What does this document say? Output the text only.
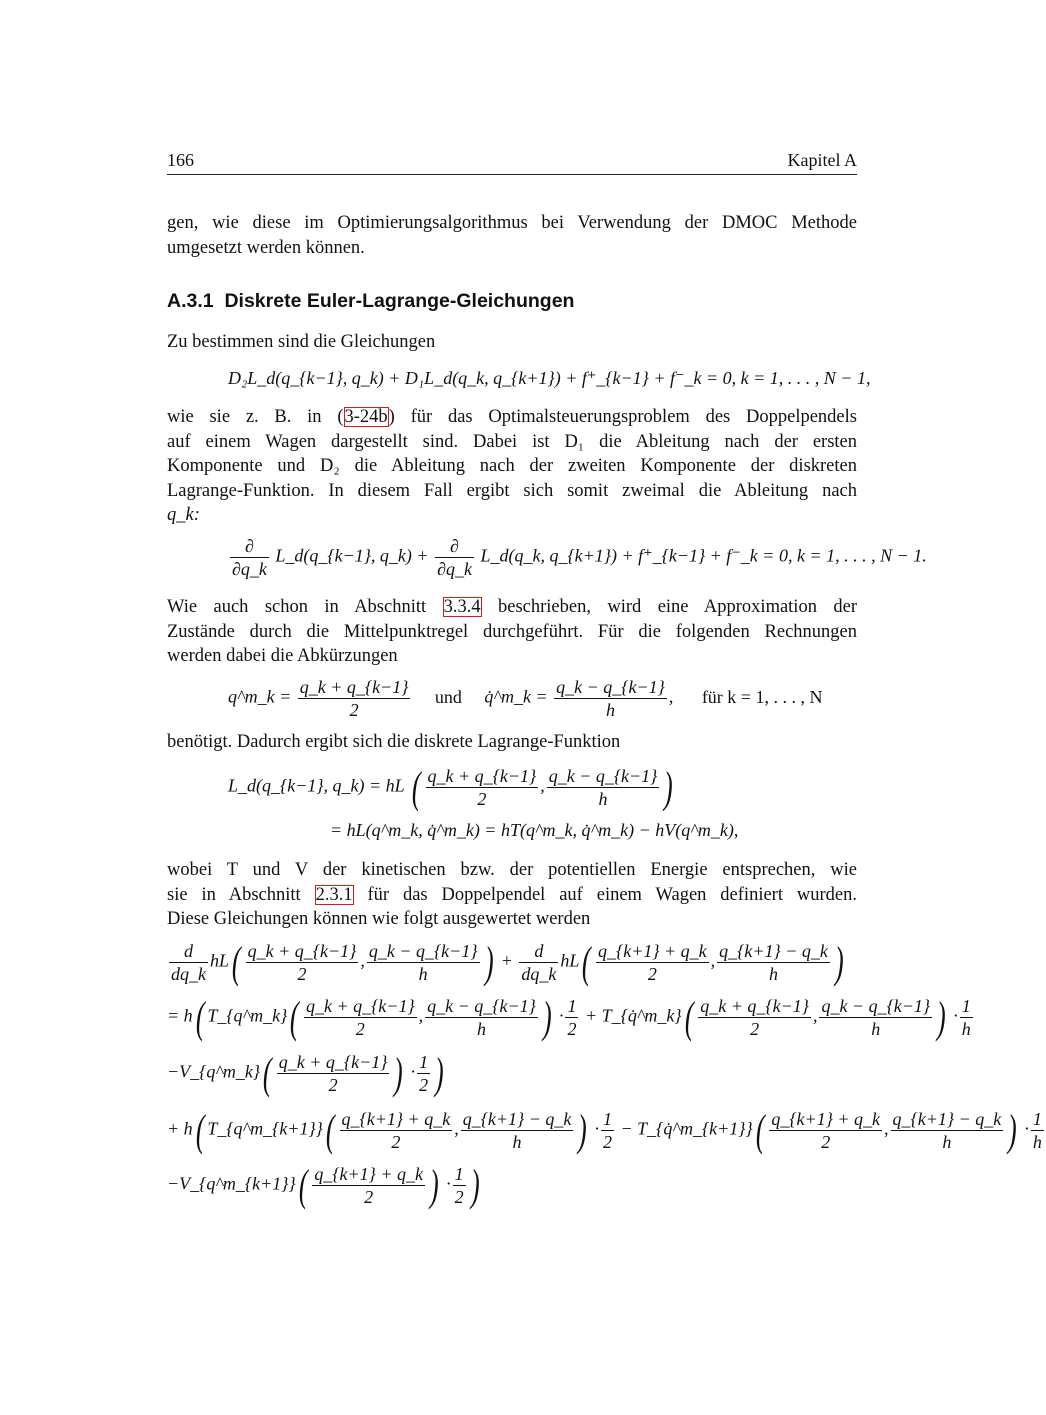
166	Kapitel A
gen, wie diese im Optimierungsalgorithmus bei Verwendung der DMOC Methode
umgesetzt werden können.
A.3.1 Diskrete Euler-Lagrange-Gleichungen
Zu bestimmen sind die Gleichungen
D₂L_d(q_{k−1}, q_k) + D₁L_d(q_k, q_{k+1}) + f⁺_{k−1} + f⁻_k = 0, k = 1, . . . , N − 1,
wie sie z. B. in (3-24b) für das Optimalsteuerungsproblem des Doppelpendels
auf einem Wagen dargestellt sind. Dabei ist D₁ die Ableitung nach der ersten
Komponente und D₂ die Ableitung nach der zweiten Komponente der diskreten
Lagrange-Funktion. In diesem Fall ergibt sich somit zweimal die Ableitung nach
q_k:
$\frac{\partial}{\partial q\_k}$ L_d(q_{k−1}, q_k) + $\frac{\partial}{\partial q\_k}$ L_d(q_k, q_{k+1}) + f⁺_{k−1} + f⁻_k = 0, k = 1, . . . , N − 1.
Wie auch schon in Abschnitt 3.3.4 beschrieben, wird eine Approximation der
Zustände durch die Mittelpunktregel durchgeführt. Für die folgenden Rechnungen
werden dabei die Abkürzungen
q^m_k = $\frac{q\_k + q\_\{k-1\}}{2}$ und q̇^m_k = $\frac{q\_k - q\_\{k-1\}}{h}$ , für k = 1, . . . , N
benötigt. Dadurch ergibt sich die diskrete Lagrange-Funktion
L_d(q_{k−1}, q_k) = hL ( $\frac{q\_k + q\_\{k-1\}}{2}$ , $\frac{q\_k - q\_\{k-1\}}{h}$ )
= hL(q^m_k, q̇^m_k) = hT(q^m_k, q̇^m_k) − hV(q^m_k),
wobei T und V der kinetischen bzw. der potentiellen Energie entsprechen, wie
sie in Abschnitt 2.3.1 für das Doppelpendel auf einem Wagen definiert wurden.
Diese Gleichungen können wie folgt ausgewertet werden
$\frac{d}{dq\_k} hL( \frac{q\_k + q\_\{k-1\}}{2}$ , $\frac{q\_k - q\_\{k-1\}}{h}$ ) + $\frac{d}{dq\_k} hL( \frac{q\_\{k+1\} + q\_k}{2}$ , $\frac{q\_\{k+1\} - q\_k}{h}$ )
= h( T_{q^m_k}( $\frac{q\_k + q\_\{k-1\}}{2}$ , $\frac{q\_k - q\_\{k-1\}}{h}$ ) · $\frac{1}{2}$ + T_{q̇^m_k}( $\frac{q\_k + q\_\{k-1\}}{2}$ , $\frac{q\_k - q\_\{k-1\}}{h}$ ) · $\frac{1}{h}$
−V_{q^m_k}( $\frac{q\_k + q\_\{k-1\}}{2}$ ) · $\frac{1}{2}$ )
+ h( T_{q^m_{k+1}}( $\frac{q\_\{k+1\} + q\_k}{2}$ , $\frac{q\_\{k+1\} - q\_k}{h}$ ) · $\frac{1}{2}$ − T_{q̇^m_{k+1}}( $\frac{q\_\{k+1\} + q\_k}{2}$ , $\frac{q\_\{k+1\} - q\_k}{h}$ ) · $\frac{1}{h}$
−V_{q^m_{k+1}}( $\frac{q\_\{k+1\} + q\_k}{2}$ ) · $\frac{1}{2}$ )
